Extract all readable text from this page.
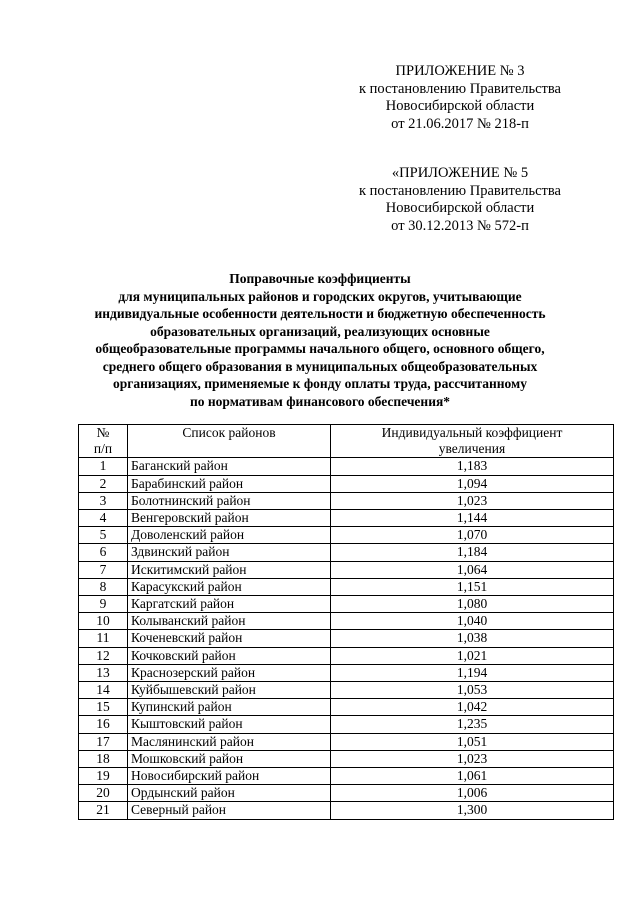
ПРИЛОЖЕНИЕ № 3
к постановлению Правительства
Новосибирской области
от 21.06.2017 № 218-п
«ПРИЛОЖЕНИЕ № 5
к постановлению Правительства
Новосибирской области
от 30.12.2013 № 572-п
Поправочные коэффициенты
для муниципальных районов и городских округов, учитывающие
индивидуальные особенности деятельности и бюджетную обеспеченность
образовательных организаций, реализующих основные
общеобразовательные программы начального общего, основного общего,
среднего общего образования в муниципальных общеобразовательных
организациях, применяемые к фонду оплаты труда, рассчитанному
по нормативам финансового обеспечения*
№
п/п	Список районов	Индивидуальный коэффициент
увеличения
1	Баганский район	1,183
2	Барабинский район	1,094
3	Болотнинский район	1,023
4	Венгеровский район	1,144
5	Доволенский район	1,070
6	Здвинский район	1,184
7	Искитимский район	1,064
8	Карасукский район	1,151
9	Каргатский район	1,080
10	Колыванский район	1,040
11	Коченевский район	1,038
12	Кочковский район	1,021
13	Краснозерский район	1,194
14	Куйбышевский район	1,053
15	Купинский район	1,042
16	Кыштовский район	1,235
17	Маслянинский район	1,051
18	Мошковский район	1,023
19	Новосибирский район	1,061
20	Ордынский район	1,006
21	Северный район	1,300
